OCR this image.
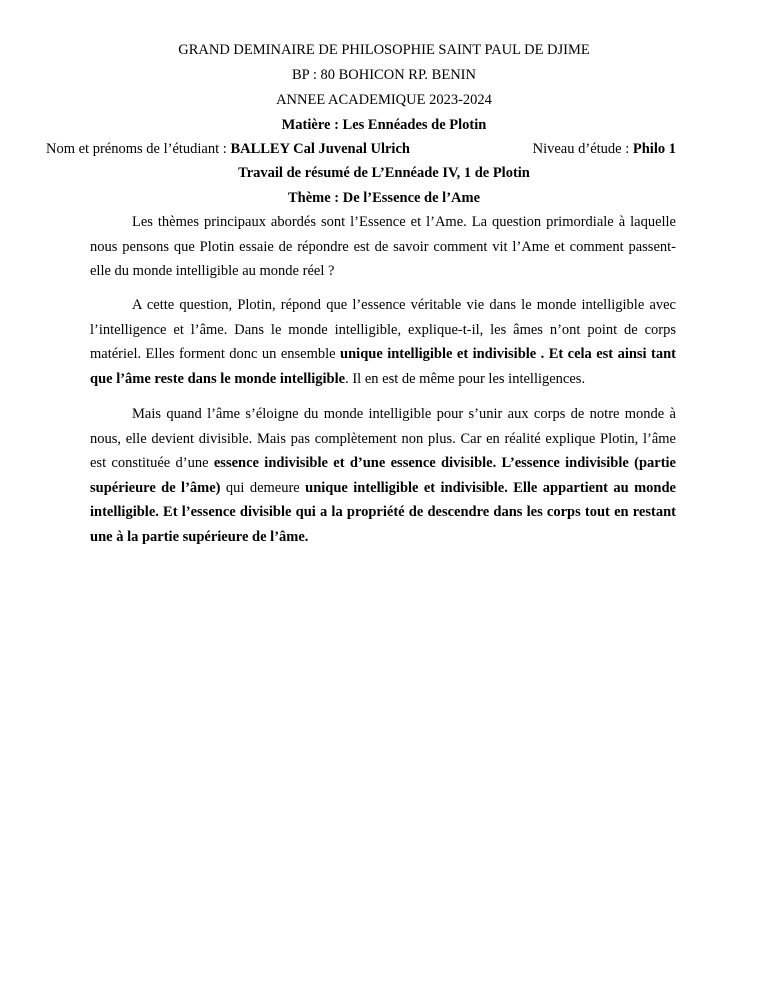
GRAND DEMINAIRE DE PHILOSOPHIE SAINT PAUL DE DJIME
BP : 80 BOHICON RP. BENIN
ANNEE ACADEMIQUE 2023-2024
Matière : Les Ennéades de Plotin
Nom et prénoms de l’étudiant : BALLEY Cal Juvenal Ulrich	Niveau d’étude : Philo 1
Travail de résumé de L’Ennéade IV, 1 de Plotin
Thème : De l’Essence de l’Ame

Les thèmes principaux abordés sont l’Essence et l’Ame. La question primordiale à laquelle nous pensons que Plotin essaie de répondre est de savoir comment vit l’Ame et comment passent-elle du monde intelligible au monde réel ?

A cette question, Plotin, répond que l’essence véritable vie dans le monde intelligible avec l’intelligence et l’âme. Dans le monde intelligible, explique-t-il, les âmes n’ont point de corps matériel. Elles forment donc un ensemble unique intelligible et indivisible . Et cela est ainsi tant que l’âme reste dans le monde intelligible. Il en est de même pour les intelligences.

Mais quand l’âme s’éloigne du monde intelligible pour s’unir aux corps de notre monde à nous, elle devient divisible. Mais pas complètement non plus. Car en réalité explique Plotin, l’âme est constituée d’une essence indivisible et d’une essence divisible. L’essence indivisible (partie supérieure de l’âme) qui demeure unique intelligible et indivisible. Elle appartient au monde intelligible. Et l’essence divisible qui a la propriété de descendre dans les corps tout en restant une à la partie supérieure de l’âme.
